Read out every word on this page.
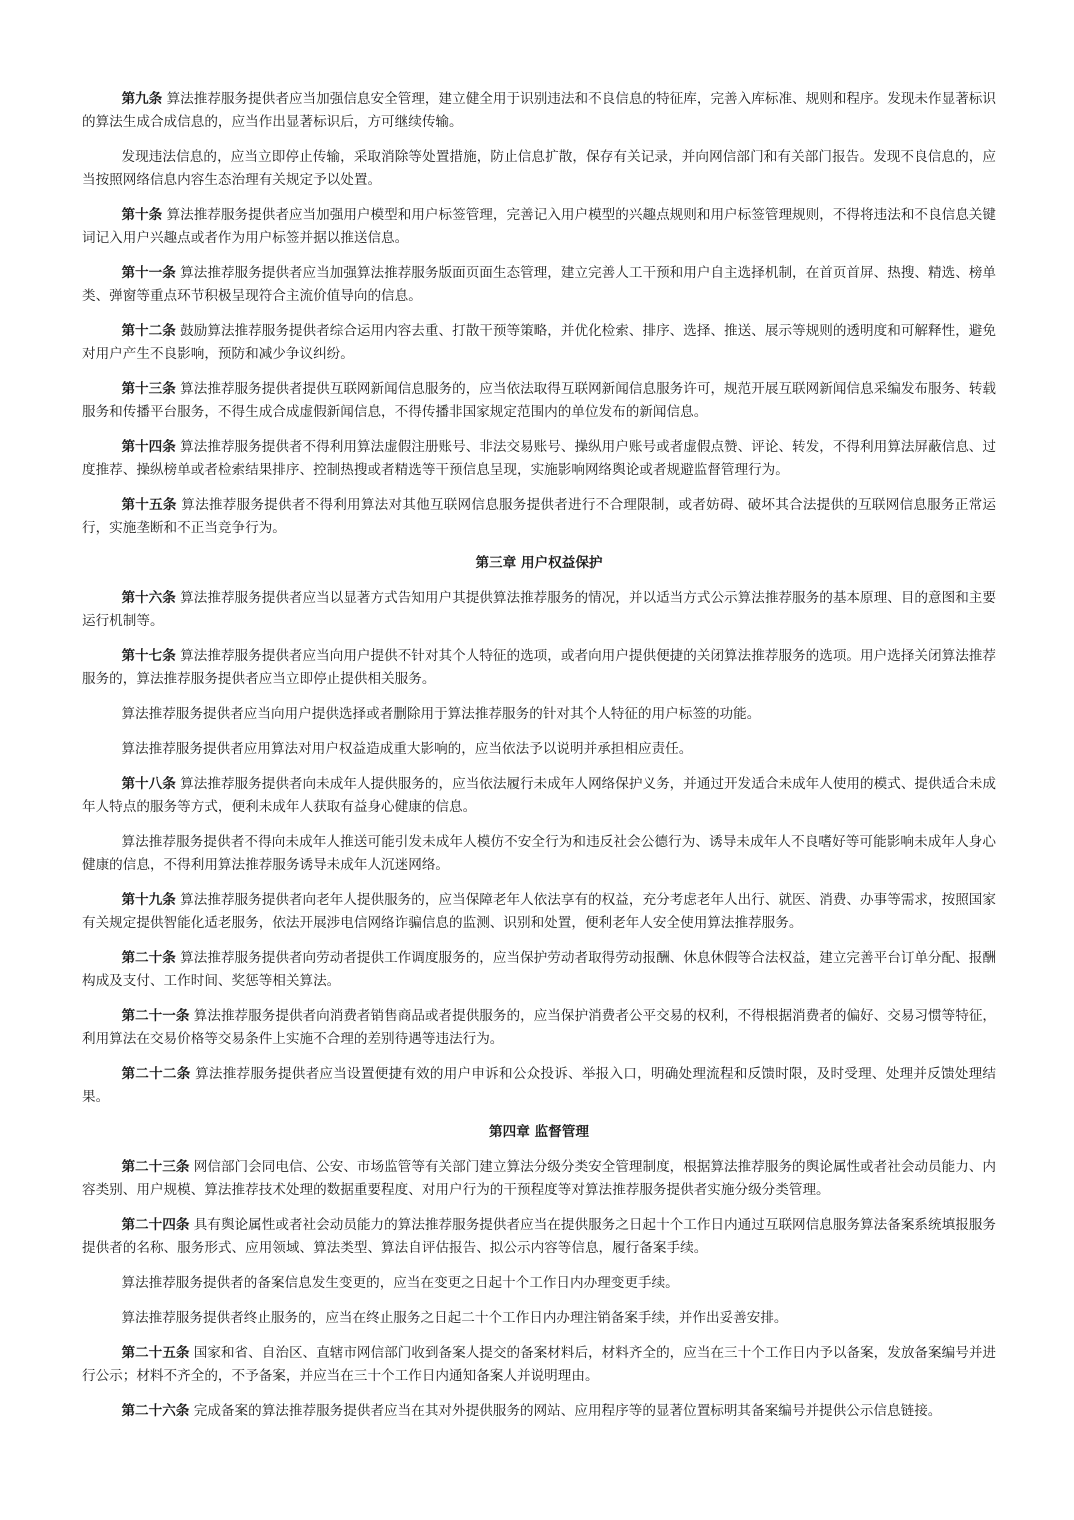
第九条 算法推荐服务提供者应当加强信息安全管理，建立健全用于识别违法和不良信息的特征库，完善入库标准、规则和程序。发现未作显著标识的算法生成合成信息的，应当作出显著标识后，方可继续传输。

发现违法信息的，应当立即停止传输，采取消除等处置措施，防止信息扩散，保存有关记录，并向网信部门和有关部门报告。发现不良信息的，应当按照网络信息内容生态治理有关规定予以处置。

第十条 算法推荐服务提供者应当加强用户模型和用户标签管理，完善记入用户模型的兴趣点规则和用户标签管理规则，不得将违法和不良信息关键词记入用户兴趣点或者作为用户标签并据以推送信息。

第十一条 算法推荐服务提供者应当加强算法推荐服务版面页面生态管理，建立完善人工干预和用户自主选择机制，在首页首屏、热搜、精选、榜单类、弹窗等重点环节积极呈现符合主流价值导向的信息。

第十二条 鼓励算法推荐服务提供者综合运用内容去重、打散干预等策略，并优化检索、排序、选择、推送、展示等规则的透明度和可解释性，避免对用户产生不良影响，预防和减少争议纠纷。

第十三条 算法推荐服务提供者提供互联网新闻信息服务的，应当依法取得互联网新闻信息服务许可，规范开展互联网新闻信息采编发布服务、转载服务和传播平台服务，不得生成合成虚假新闻信息，不得传播非国家规定范围内的单位发布的新闻信息。

第十四条 算法推荐服务提供者不得利用算法虚假注册账号、非法交易账号、操纵用户账号或者虚假点赞、评论、转发，不得利用算法屏蔽信息、过度推荐、操纵榜单或者检索结果排序、控制热搜或者精选等干预信息呈现，实施影响网络舆论或者规避监督管理行为。

第十五条 算法推荐服务提供者不得利用算法对其他互联网信息服务提供者进行不合理限制，或者妨碍、破坏其合法提供的互联网信息服务正常运行，实施垄断和不正当竞争行为。

第三章 用户权益保护

第十六条 算法推荐服务提供者应当以显著方式告知用户其提供算法推荐服务的情况，并以适当方式公示算法推荐服务的基本原理、目的意图和主要运行机制等。

第十七条 算法推荐服务提供者应当向用户提供不针对其个人特征的选项，或者向用户提供便捷的关闭算法推荐服务的选项。用户选择关闭算法推荐服务的，算法推荐服务提供者应当立即停止提供相关服务。

算法推荐服务提供者应当向用户提供选择或者删除用于算法推荐服务的针对其个人特征的用户标签的功能。

算法推荐服务提供者应用算法对用户权益造成重大影响的，应当依法予以说明并承担相应责任。

第十八条 算法推荐服务提供者向未成年人提供服务的，应当依法履行未成年人网络保护义务，并通过开发适合未成年人使用的模式、提供适合未成年人特点的服务等方式，便利未成年人获取有益身心健康的信息。

算法推荐服务提供者不得向未成年人推送可能引发未成年人模仿不安全行为和违反社会公德行为、诱导未成年人不良嗜好等可能影响未成年人身心健康的信息，不得利用算法推荐服务诱导未成年人沉迷网络。

第十九条 算法推荐服务提供者向老年人提供服务的，应当保障老年人依法享有的权益，充分考虑老年人出行、就医、消费、办事等需求，按照国家有关规定提供智能化适老服务，依法开展涉电信网络诈骗信息的监测、识别和处置，便利老年人安全使用算法推荐服务。

第二十条 算法推荐服务提供者向劳动者提供工作调度服务的，应当保护劳动者取得劳动报酬、休息休假等合法权益，建立完善平台订单分配、报酬构成及支付、工作时间、奖惩等相关算法。

第二十一条 算法推荐服务提供者向消费者销售商品或者提供服务的，应当保护消费者公平交易的权利，不得根据消费者的偏好、交易习惯等特征，利用算法在交易价格等交易条件上实施不合理的差别待遇等违法行为。

第二十二条 算法推荐服务提供者应当设置便捷有效的用户申诉和公众投诉、举报入口，明确处理流程和反馈时限，及时受理、处理并反馈处理结果。

第四章 监督管理

第二十三条 网信部门会同电信、公安、市场监管等有关部门建立算法分级分类安全管理制度，根据算法推荐服务的舆论属性或者社会动员能力、内容类别、用户规模、算法推荐技术处理的数据重要程度、对用户行为的干预程度等对算法推荐服务提供者实施分级分类管理。

第二十四条 具有舆论属性或者社会动员能力的算法推荐服务提供者应当在提供服务之日起十个工作日内通过互联网信息服务算法备案系统填报服务提供者的名称、服务形式、应用领域、算法类型、算法自评估报告、拟公示内容等信息，履行备案手续。

算法推荐服务提供者的备案信息发生变更的，应当在变更之日起十个工作日内办理变更手续。

算法推荐服务提供者终止服务的，应当在终止服务之日起二十个工作日内办理注销备案手续，并作出妥善安排。

第二十五条 国家和省、自治区、直辖市网信部门收到备案人提交的备案材料后，材料齐全的，应当在三十个工作日内予以备案，发放备案编号并进行公示；材料不齐全的，不予备案，并应当在三十个工作日内通知备案人并说明理由。

第二十六条 完成备案的算法推荐服务提供者应当在其对外提供服务的网站、应用程序等的显著位置标明其备案编号并提供公示信息链接。
